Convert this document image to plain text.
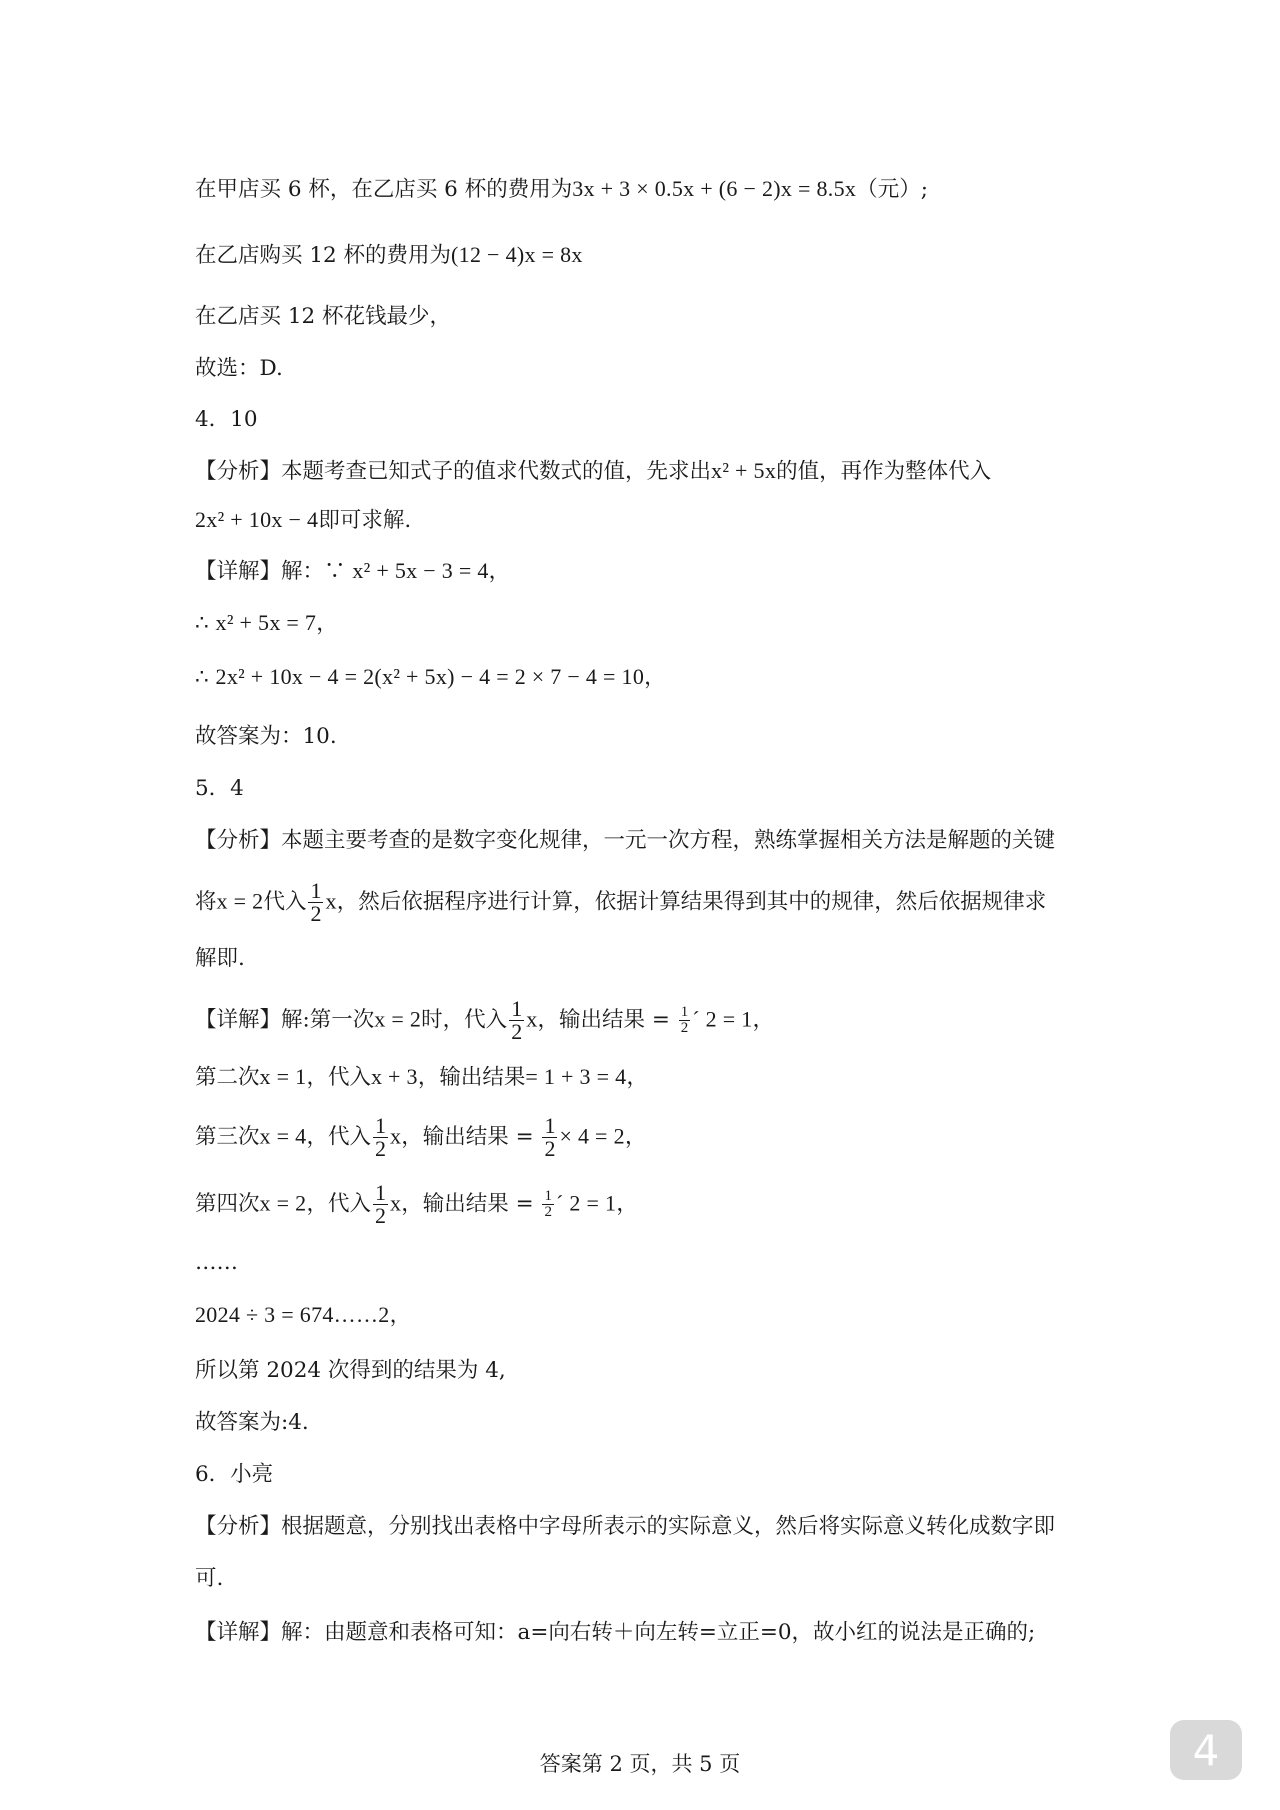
在甲店买 6 杯，在乙店买 6 杯的费用为3x + 3 × 0.5x + (6 − 2)x = 8.5x（元）;
在乙店购买 12 杯的费用为(12 − 4)x = 8x
在乙店买 12 杯花钱最少，
故选：D.
4．10
【分析】本题考查已知式子的值求代数式的值，先求出x² + 5x的值，再作为整体代入
2x² + 10x − 4即可求解.
【详解】解：∵ x² + 5x − 3 = 4，
∴ x² + 5x = 7，
∴ 2x² + 10x − 4 = 2(x² + 5x) − 4 = 2 × 7 − 4 = 10，
故答案为：10.
5．4
【分析】本题主要考查的是数字变化规律，一元一次方程，熟练掌握相关方法是解题的关键
将x = 2代入 $\frac{1}{2}$ x，然后依据程序进行计算，依据计算结果得到其中的规律，然后依据规律求
解即.
【详解】解:第一次x = 2时，代入 $\frac{1}{2}$ x，输出结果 = $\frac{1}{2}$ ´ 2 = 1，
第二次x = 1，代入x + 3，输出结果= 1 + 3 = 4，
第三次x = 4，代入 $\frac{1}{2}$ x，输出结果 = $\frac{1}{2} \times 4 = 2$，
第四次x = 2，代入 $\frac{1}{2}$ x，输出结果 = $\frac{1}{2}$ ´ 2 = 1，
……
2024 ÷ 3 = 674……2，
所以第 2024 次得到的结果为 4,
故答案为:4.
6．小亮
【分析】根据题意，分别找出表格中字母所表示的实际意义，然后将实际意义转化成数字即
可.
【详解】解：由题意和表格可知：a=向右转＋向左转=立正=0，故小红的说法是正确的;
答案第 2 页，共 5 页	4
